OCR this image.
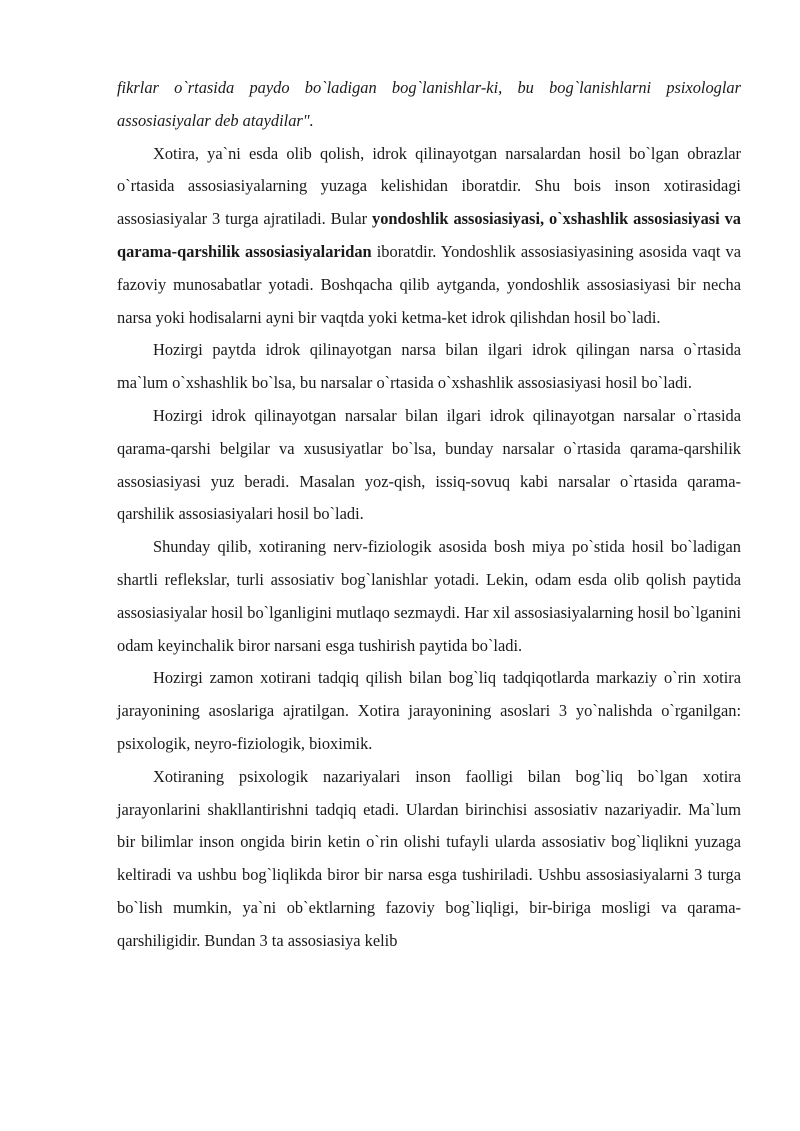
fikrlar o`rtasida paydo bo`ladigan bog`lanishlar-ki, bu bog`lanishlarni psixologlar assosiasiyalar deb ataydilar".

Xotira, ya`ni esda olib qolish, idrok qilinayotgan narsalardan hosil bo`lgan obrazlar o`rtasida assosiasiyalarning yuzaga kelishidan iboratdir. Shu bois inson xotirasidagi assosiasiyalar 3 turga ajratiladi. Bular yondoshlik assosiasiyasi, o`xshashlik assosiasiyasi va qarama-qarshilik assosiasiyalaridan iboratdir. Yondoshlik assosiasiyasining asosida vaqt va fazoviy munosabatlar yotadi. Boshqacha qilib aytganda, yondoshlik assosiasiyasi bir necha narsa yoki hodisalarni ayni bir vaqtda yoki ketma-ket idrok qilishdan hosil bo`ladi.

Hozirgi paytda idrok qilinayotgan narsa bilan ilgari idrok qilingan narsa o`rtasida ma`lum o`xshashlik bo`lsa, bu narsalar o`rtasida o`xshashlik assosiasiyasi hosil bo`ladi.

Hozirgi idrok qilinayotgan narsalar bilan ilgari idrok qilinayotgan narsalar o`rtasida qarama-qarshi belgilar va xususiyatlar bo`lsa, bunday narsalar o`rtasida qarama-qarshilik assosiasiyasi yuz beradi. Masalan yoz-qish, issiq-sovuq kabi narsalar o`rtasida qarama-qarshilik assosiasiyalari hosil bo`ladi.

Shunday qilib, xotiraning nerv-fiziologik asosida bosh miya po`stida hosil bo`ladigan shartli reflekslar, turli assosiativ bog`lanishlar yotadi. Lekin, odam esda olib qolish paytida assosiasiyalar hosil bo`lganligini mutlaqo sezmaydi. Har xil assosiasiyalarning hosil bo`lganini odam keyinchalik biror narsani esga tushirish paytida bo`ladi.

Hozirgi zamon xotirani tadqiq qilish bilan bog`liq tadqiqotlarda markaziy o`rin xotira jarayonining asoslariga ajratilgan. Xotira jarayonining asoslari 3 yo`nalishda o`rganilgan: psixologik, neyro-fiziologik, bioximik.

Xotiraning psixologik nazariyalari inson faolligi bilan bog`liq bo`lgan xotira jarayonlarini shakllantirishni tadqiq etadi. Ulardan birinchisi assosiativ nazariyadir. Ma`lum bir bilimlar inson ongida birin ketin o`rin olishi tufayli ularda assosiativ bog`liqlikni yuzaga keltiradi va ushbu bog`liqlikda biror bir narsa esga tushiriladi. Ushbu assosiasiyalarni 3 turga bo`lish mumkin, ya`ni ob`ektlarning fazoviy bog`liqligi, bir-biriga mosligi va qarama-qarshiligidir. Bundan 3 ta assosiasiya kelib
